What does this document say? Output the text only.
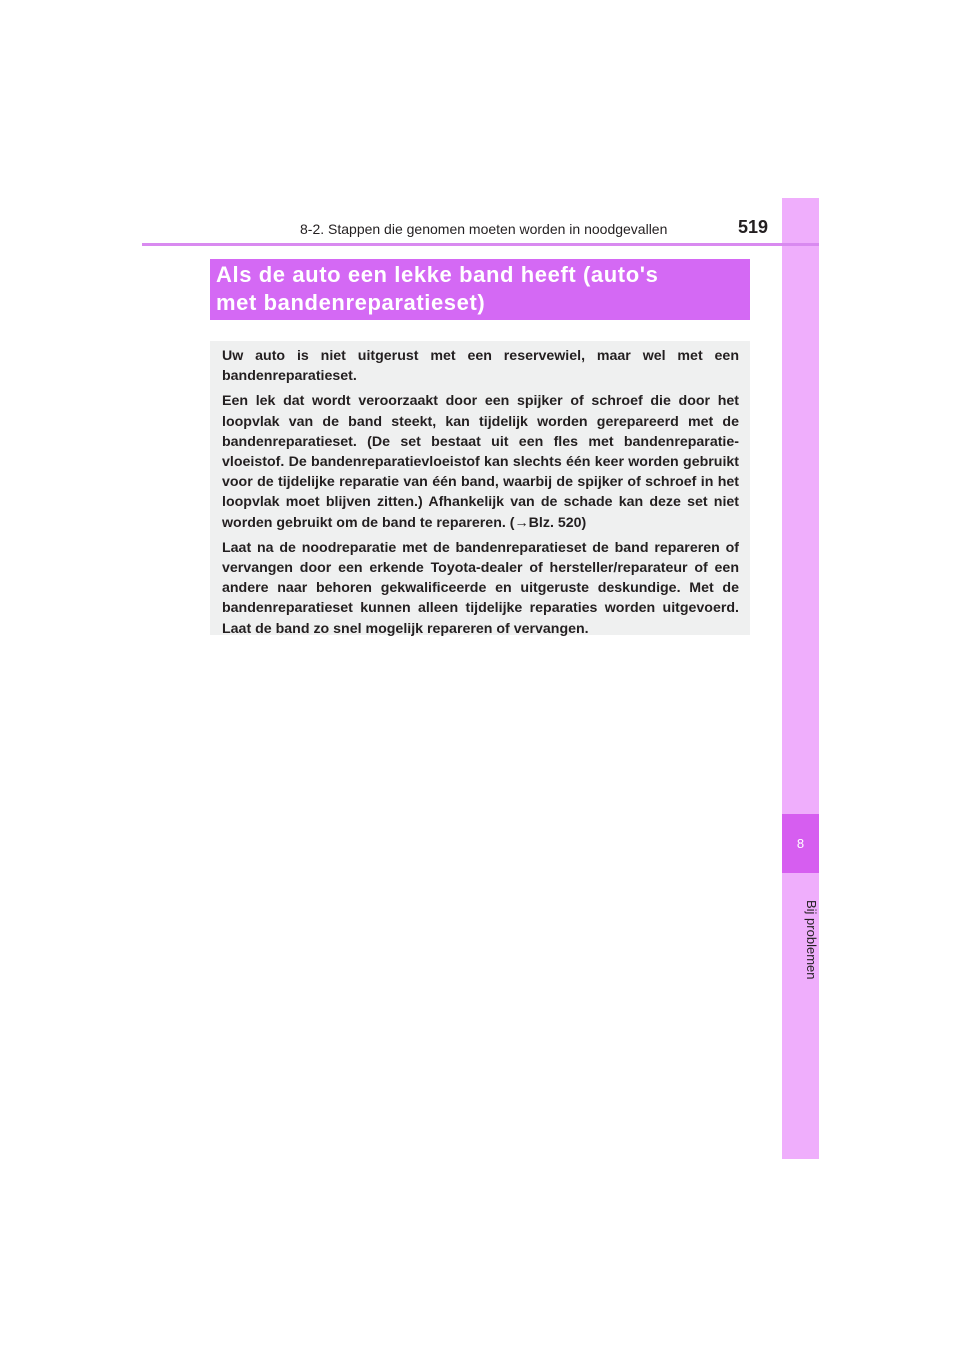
8
Bij problemen
8-2. Stappen die genomen moeten worden in noodgevallen	519

Als de auto een lekke band heeft (auto's
met bandenreparatieset)

Uw auto is niet uitgerust met een reservewiel, maar wel met een bandenreparatieset.

Een lek dat wordt veroorzaakt door een spijker of schroef die door het loopvlak van de band steekt, kan tijdelijk worden gerepareerd met de bandenreparatieset. (De set bestaat uit een fles met bandenreparatievloeistof. De bandenreparatievloeistof kan slechts één keer worden gebruikt voor de tijdelijke reparatie van één band, waarbij de spijker of schroef in het loopvlak moet blijven zitten.) Afhankelijk van de schade kan deze set niet worden gebruikt om de band te repareren. (→Blz. 520)

Laat na de noodreparatie met de bandenreparatieset de band repareren of vervangen door een erkende Toyota-dealer of hersteller/reparateur of een andere naar behoren gekwalificeerde en uitgeruste deskundige. Met de bandenreparatieset kunnen alleen tijdelijke reparaties worden uitgevoerd. Laat de band zo snel mogelijk repareren of vervangen.
